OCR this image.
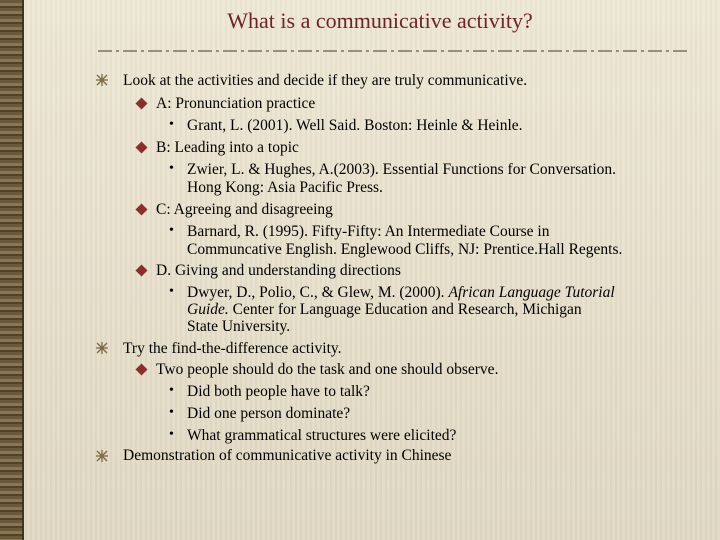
What is a communicative activity?
Look at the activities and decide if they are truly communicative.
A: Pronunciation practice
• Grant, L. (2001). Well Said. Boston: Heinle & Heinle.
B: Leading into a topic
• Zwier, L. & Hughes, A.(2003). Essential Functions for Conversation.
Hong Kong: Asia Pacific Press.
C: Agreeing and disagreeing
• Barnard, R. (1995). Fifty-Fifty: An Intermediate Course in
Communcative English. Englewood Cliffs, NJ: Prentice.Hall Regents.
D. Giving and understanding directions
• Dwyer, D., Polio, C., & Glew, M. (2000). African Language Tutorial
Guide. Center for Language Education and Research, Michigan
State University.
Try the find-the-difference activity.
Two people should do the task and one should observe.
• Did both people have to talk?
• Did one person dominate?
• What grammatical structures were elicited?
Demonstration of communicative activity in Chinese
